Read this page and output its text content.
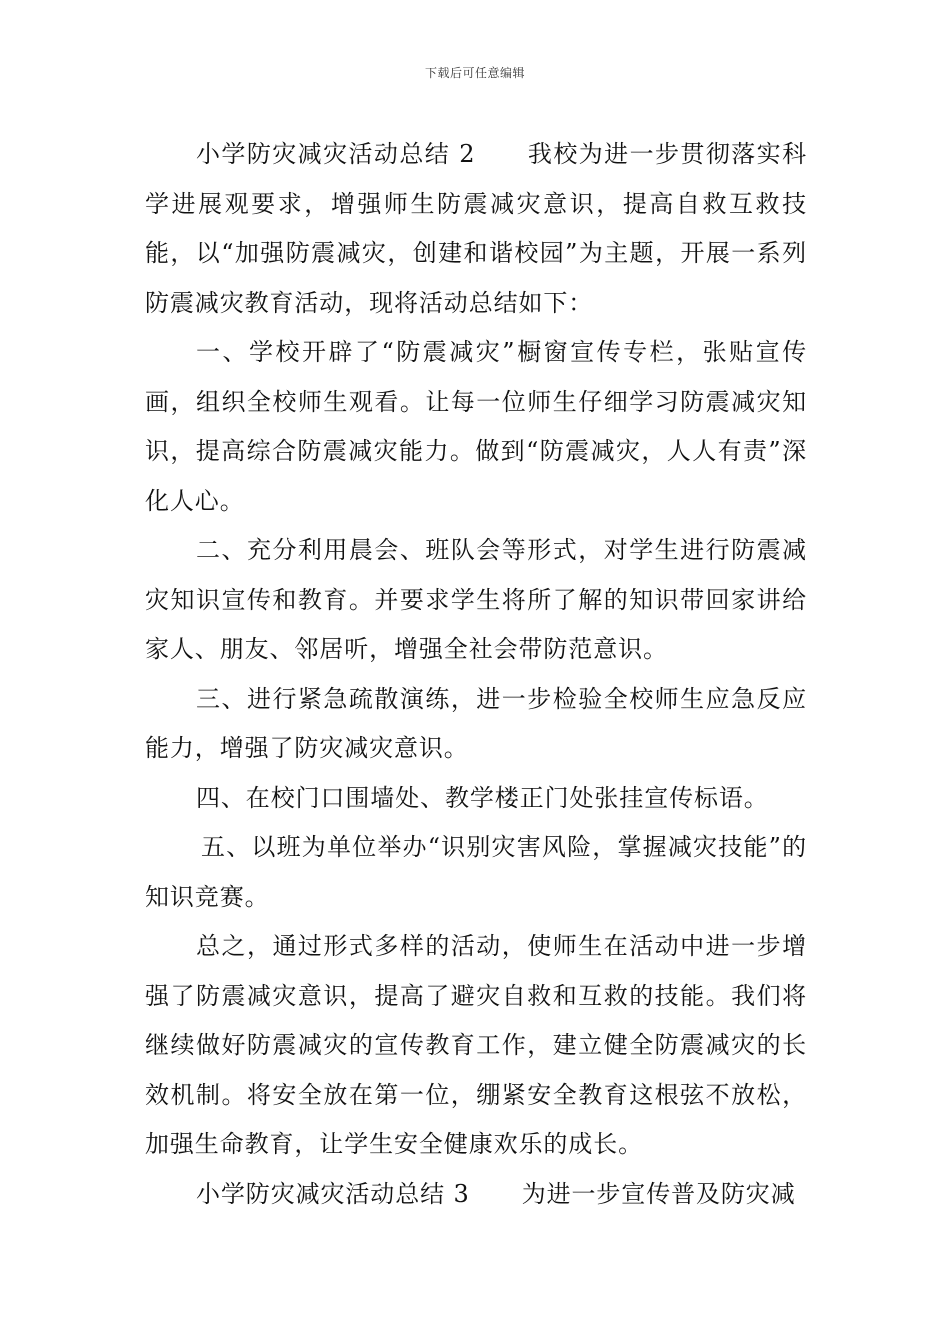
下载后可任意编辑

小学防灾减灾活动总结 2 我校为进一步贯彻落实科学进展观要求，增强师生防震减灾意识，提高自救互救技能，以“加强防震减灾，创建和谐校园”为主题，开展一系列防震减灾教育活动，现将活动总结如下：

一、学校开辟了“防震减灾”橱窗宣传专栏，张贴宣传画，组织全校师生观看。让每一位师生仔细学习防震减灾知识，提高综合防震减灾能力。做到“防震减灾，人人有责”深化人心。

二、充分利用晨会、班队会等形式，对学生进行防震减灾知识宣传和教育。并要求学生将所了解的知识带回家讲给家人、朋友、邻居听，增强全社会带防范意识。

三、进行紧急疏散演练，进一步检验全校师生应急反应能力，增强了防灾减灾意识。

四、在校门口围墙处、教学楼正门处张挂宣传标语。

五、以班为单位举办“识别灾害风险，掌握减灾技能”的知识竞赛。

总之，通过形式多样的活动，使师生在活动中进一步增强了防震减灾意识，提高了避灾自救和互救的技能。我们将继续做好防震减灾的宣传教育工作，建立健全防震减灾的长效机制。将安全放在第一位，绷紧安全教育这根弦不放松，加强生命教育，让学生安全健康欢乐的成长。

小学防灾减灾活动总结 3 为进一步宣传普及防灾减
